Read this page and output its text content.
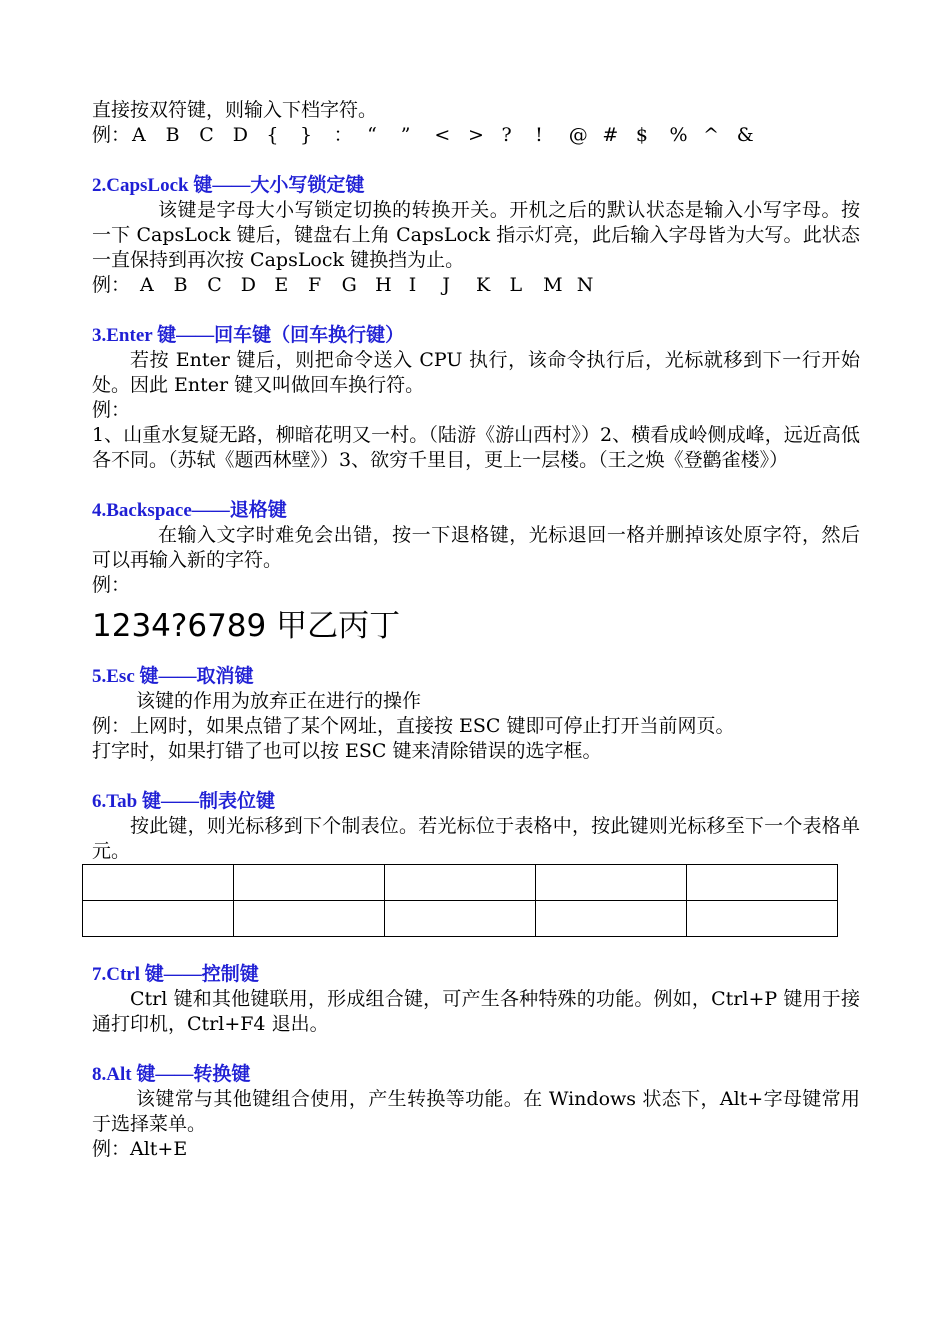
直接按双符键，则输入下档字符。
例： A	B	C	D {	}	： “	”	< > ?	!	@ # $	% ^ &
2.CapsLock 键——大小写锁定键
该键是字母大小写锁定切换的转换开关。开机之后的默认状态是输入小写字母。按一下 CapsLock 键后，键盘右上角 CapsLock 指示灯亮，此后输入字母皆为大写。此状态一直保持到再次按 CapsLock 键换挡为止。
例： A	B	C	D E	F	G H I	J	K	L	M N
3.Enter 键——回车键（回车换行键）
若按 Enter 键后，则把命令送入 CPU 执行，该命令执行后，光标就移到下一行开始处。因此 Enter 键又叫做回车换行符。
例：
1、山重水复疑无路，柳暗花明又一村。（陆游《游山西村》）2、横看成岭侧成峰，远近高低各不同。（苏轼《题西林壁》）3、欲穷千里目，更上一层楼。（王之焕《登鹳雀楼》）
4.Backspace——退格键
在输入文字时难免会出错，按一下退格键，光标退回一格并删掉该处原字符，然后可以再输入新的字符。
例：
1234?6789 甲乙丙丁
5.Esc 键——取消键
该键的作用为放弃正在进行的操作
例：上网时，如果点错了某个网址，直接按 ESC 键即可停止打开当前网页。
打字时，如果打错了也可以按 ESC 键来清除错误的选字框。
6.Tab 键——制表位键
按此键，则光标移到下个制表位。若光标位于表格中，按此键则光标移至下一个表格单元。

7.Ctrl 键——控制键
Ctrl 键和其他键联用，形成组合键，可产生各种特殊的功能。例如，Ctrl+P 键用于接通打印机，Ctrl+F4 退出。
8.Alt 键——转换键
该键常与其他键组合使用，产生转换等功能。在 Windows 状态下，Alt+字母键常用于选择菜单。
例：Alt+E
